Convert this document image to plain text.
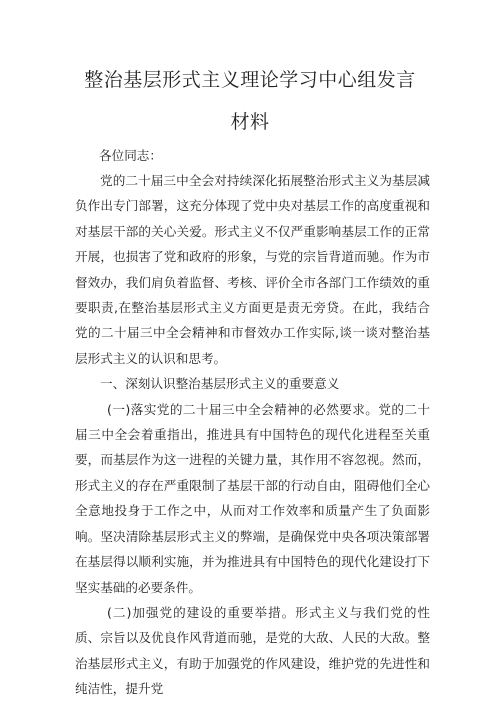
整治基层形式主义理论学习中心组发言
材料
各位同志：

党的二十届三中全会对持续深化拓展整治形式主义为基层减负作出专门部署，这充分体现了党中央对基层工作的高度重视和对基层干部的关心关爱。形式主义不仅严重影响基层工作的正常开展，也损害了党和政府的形象，与党的宗旨背道而驰。作为市督效办，我们肩负着监督、考核、评价全市各部门工作绩效的重要职责,在整治基层形式主义方面更是责无旁贷。在此，我结合党的二十届三中全会精神和市督效办工作实际,谈一谈对整治基层形式主义的认识和思考。

一、深刻认识整治基层形式主义的重要意义

(一)落实党的二十届三中全会精神的必然要求。党的二十届三中全会着重指出，推进具有中国特色的现代化进程至关重要，而基层作为这一进程的关键力量，其作用不容忽视。然而，形式主义的存在严重限制了基层干部的行动自由，阻碍他们全心全意地投身于工作之中，从而对工作效率和质量产生了负面影响。坚决清除基层形式主义的弊端，是确保党中央各项决策部署在基层得以顺利实施，并为推进具有中国特色的现代化建设打下坚实基础的必要条件。

(二)加强党的建设的重要举措。形式主义与我们党的性质、宗旨以及优良作风背道而驰，是党的大敌、人民的大敌。整治基层形式主义，有助于加强党的作风建设，维护党的先进性和纯洁性，提升党
